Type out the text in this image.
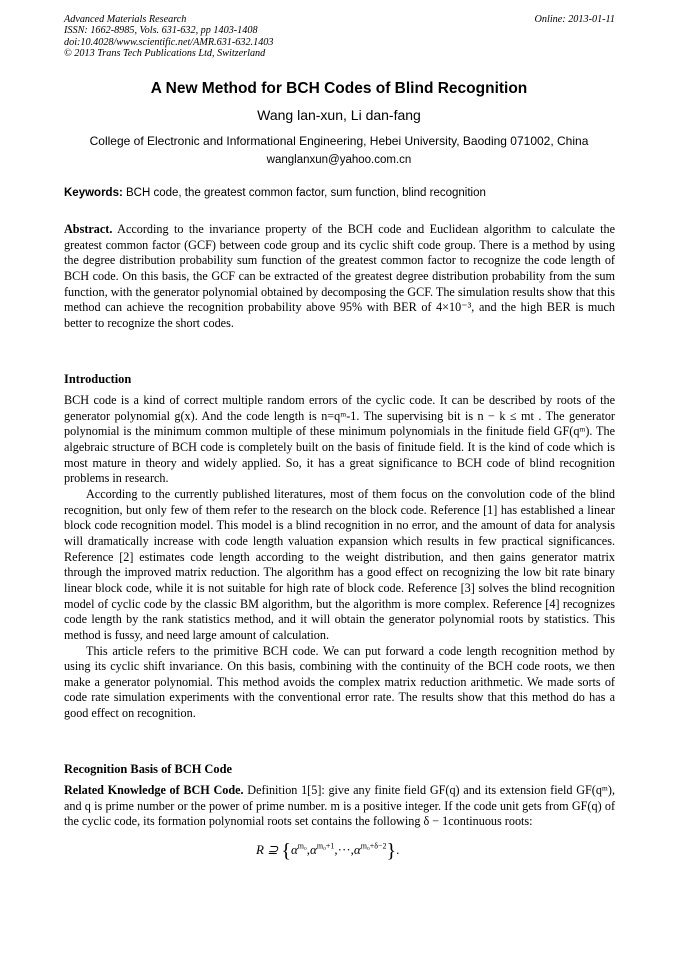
Advanced Materials Research
ISSN: 1662-8985, Vols. 631-632, pp 1403-1408
doi:10.4028/www.scientific.net/AMR.631-632.1403
© 2013 Trans Tech Publications Ltd, Switzerland
Online: 2013-01-11
A New Method for BCH Codes of Blind Recognition
Wang lan-xun, Li dan-fang
College of Electronic and Informational Engineering, Hebei University, Baoding 071002, China
wanglanxun@yahoo.com.cn
Keywords: BCH code, the greatest common factor, sum function, blind recognition

Abstract. According to the invariance property of the BCH code and Euclidean algorithm to calculate the greatest common factor (GCF) between code group and its cyclic shift code group. There is a method by using the degree distribution probability sum function of the greatest common factor to recognize the code length of BCH code. On this basis, the GCF can be extracted of the greatest degree distribution probability from the sum function, with the generator polynomial obtained by decomposing the GCF. The simulation results show that this method can achieve the recognition probability above 95% with BER of 4×10⁻³, and the high BER is much better to recognize the short codes.

Introduction

BCH code is a kind of correct multiple random errors of the cyclic code. It can be described by roots of the generator polynomial g(x). And the code length is n=qᵐ-1. The supervising bit is n − k ≤ mt . The generator polynomial is the minimum common multiple of these minimum polynomials in the finitude field GF(qᵐ). The algebraic structure of BCH code is completely built on the basis of finitude field. It is the kind of code which is most mature in theory and widely applied. So, it has a great significance to BCH code of blind recognition problems in research.

According to the currently published literatures, most of them focus on the convolution code of the blind recognition, but only few of them refer to the research on the block code. Reference [1] has established a linear block code recognition model. This model is a blind recognition in no error, and the amount of data for analysis will dramatically increase with code length valuation expansion which results in few practical significances. Reference [2] estimates code length according to the weight distribution, and then gains generator matrix through the improved matrix reduction. The algorithm has a good effect on recognizing the low bit rate binary linear block code, while it is not suitable for high rate of block code. Reference [3] solves the blind recognition model of cyclic code by the classic BM algorithm, but the algorithm is more complex. Reference [4] recognizes code length by the rank statistics method, and it will obtain the generator polynomial roots by statistics. This method is fussy, and need large amount of calculation.

This article refers to the primitive BCH code. We can put forward a code length recognition method by using its cyclic shift invariance. On this basis, combining with the continuity of the BCH code roots, we then make a generator polynomial. This method avoids the complex matrix reduction arithmetic. We made sorts of code rate simulation experiments with the conventional error rate. The results show that this method do has a good effect on recognition.

Recognition Basis of BCH Code

Related Knowledge of BCH Code. Definition 1[5]: give any finite field GF(q) and its extension field GF(qᵐ), and q is prime number or the power of prime number. m is a positive integer. If the code unit gets from GF(q) of the cyclic code, its formation polynomial roots set contains the following δ − 1continuous roots:

R ⊇ $\{\alpha^{m_0},\alpha^{m_0+1},\cdot\cdot\cdot,\alpha^{m_0+\delta-2}\}$.
